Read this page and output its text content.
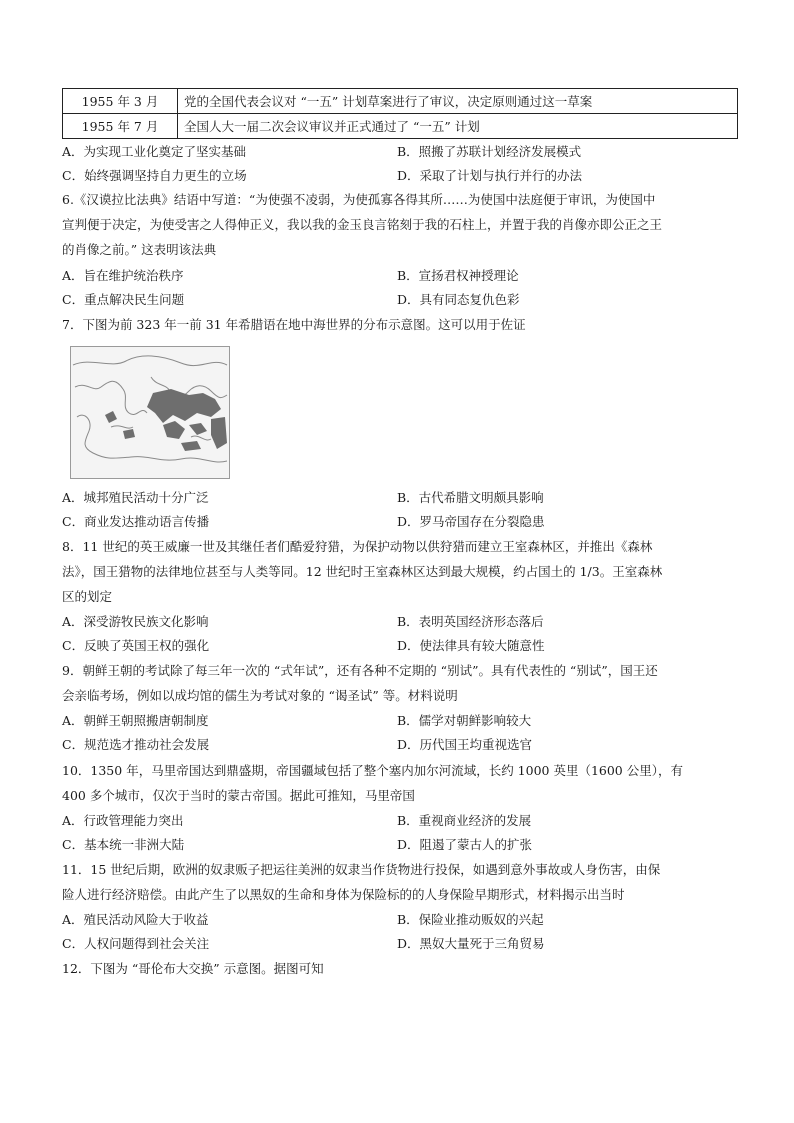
1955 年 3 月	党的全国代表会议对 “一五” 计划草案进行了审议，决定原则通过这一草案
1955 年 7 月	全国人大一届二次会议审议并正式通过了 “一五” 计划
A．为实现工业化奠定了坚实基础	B．照搬了苏联计划经济发展模式
C．始终强调坚持自力更生的立场	D．采取了计划与执行并行的办法
6.《汉谟拉比法典》结语中写道：“为使强不凌弱，为使孤寡各得其所……为使国中法庭便于审讯，为使国中
宣判便于决定，为使受害之人得伸正义，我以我的金玉良言铭刻于我的石柱上，并置于我的肖像亦即公正之王
的肖像之前。” 这表明该法典
A．旨在维护统治秩序	B．宣扬君权神授理论
C．重点解决民生问题	D．具有同态复仇色彩
7．下图为前 323 年一前 31 年希腊语在地中海世界的分布示意图。这可以用于佐证
A．城邦殖民活动十分广泛	B．古代希腊文明颇具影响
C．商业发达推动语言传播	D．罗马帝国存在分裂隐患
8．11 世纪的英王威廉一世及其继任者们酷爱狩猎，为保护动物以供狩猎而建立王室森林区，并推出《森林
法》，国王猎物的法律地位甚至与人类等同。12 世纪时王室森林区达到最大规模，约占国土的 1/3。王室森林
区的划定
A．深受游牧民族文化影响	B．表明英国经济形态落后
C．反映了英国王权的强化	D．使法律具有较大随意性
9．朝鲜王朝的考试除了每三年一次的 “式年试”，还有各种不定期的 “别试”。具有代表性的 “别试”，国王还
会亲临考场，例如以成均馆的儒生为考试对象的 “谒圣试” 等。材料说明
A．朝鲜王朝照搬唐朝制度	B．儒学对朝鲜影响较大
C．规范选才推动社会发展	D．历代国王均重视选官
10．1350 年，马里帝国达到鼎盛期，帝国疆域包括了整个塞内加尔河流域，长约 1000 英里（1600 公里），有
400 多个城市，仅次于当时的蒙古帝国。据此可推知，马里帝国
A．行政管理能力突出	B．重视商业经济的发展
C．基本统一非洲大陆	D．阻遏了蒙古人的扩张
11．15 世纪后期，欧洲的奴隶贩子把运往美洲的奴隶当作货物进行投保，如遇到意外事故或人身伤害，由保
险人进行经济赔偿。由此产生了以黑奴的生命和身体为保险标的的人身保险早期形式，材料揭示出当时
A．殖民活动风险大于收益	B．保险业推动贩奴的兴起
C．人权问题得到社会关注	D．黑奴大量死于三角贸易
12．下图为 “哥伦布大交换” 示意图。据图可知
